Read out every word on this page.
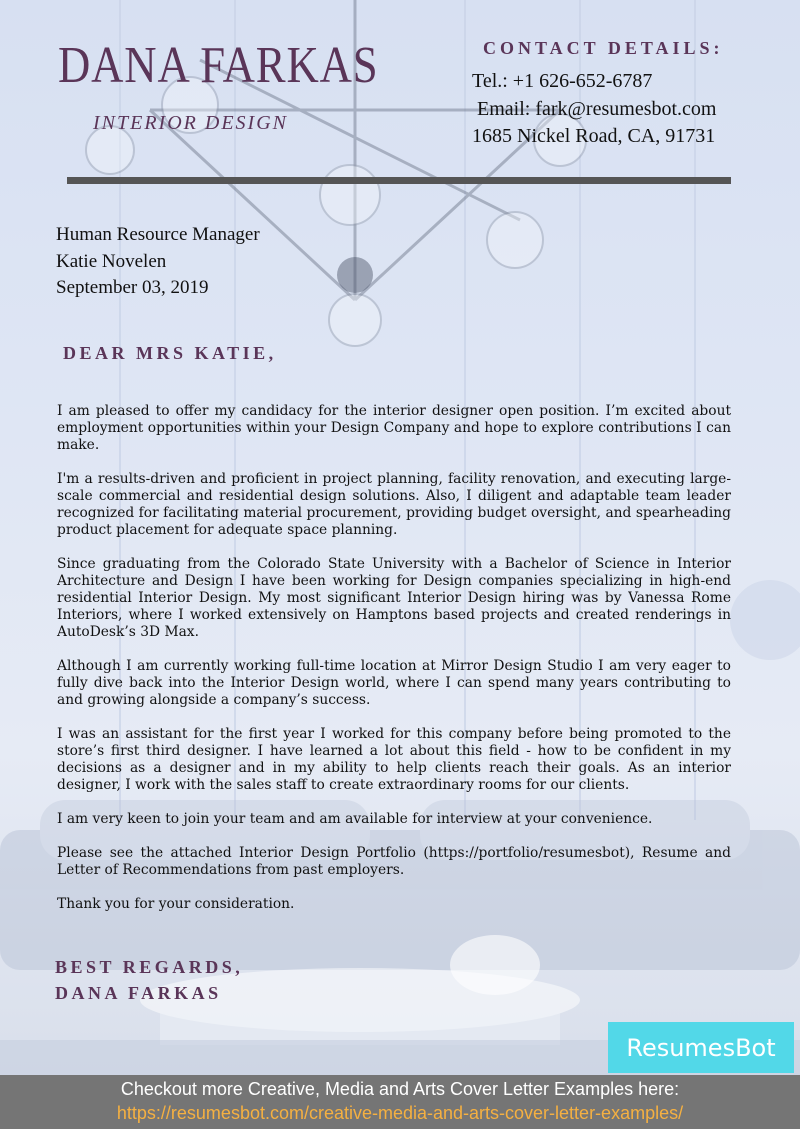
DANA FARKAS
INTERIOR DESIGN
CONTACT DETAILS:
Tel.: +1 626-652-6787
Email: fark@resumesbot.com
1685 Nickel Road, CA, 91731
Human Resource Manager
Katie Novelen
September 03, 2019
DEAR MRS KATIE,

I am pleased to offer my candidacy for the interior designer open position. I’m excited about employment opportunities within your Design Company and hope to explore contributions I can make.

I'm a results-driven and proficient in project planning, facility renovation, and executing large-scale commercial and residential design solutions. Also, I diligent and adaptable team leader recognized for facilitating material procurement, providing budget oversight, and spearheading product placement for adequate space planning.

Since graduating from the Colorado State University with a Bachelor of Science in Interior Architecture and Design I have been working for Design companies specializing in high-end residential Interior Design. My most significant Interior Design hiring was by Vanessa Rome Interiors, where I worked extensively on Hamptons based projects and created renderings in AutoDesk’s 3D Max.

Although I am currently working full-time location at Mirror Design Studio I am very eager to fully dive back into the Interior Design world, where I can spend many years contributing to and growing alongside a company’s success.

I was an assistant for the first year I worked for this company before being promoted to the store’s first third designer. I have learned a lot about this field - how to be confident in my decisions as a designer and in my ability to help clients reach their goals. As an interior designer, I work with the sales staff to create extraordinary rooms for our clients.

I am very keen to join your team and am available for interview at your convenience.

Please see the attached Interior Design Portfolio (https://portfolio/resumesbot), Resume and Letter of Recommendations from past employers.

Thank you for your consideration.

BEST REGARDS,
DANA FARKAS
ResumesBot
Checkout more Creative, Media and Arts Cover Letter Examples here:
https://resumesbot.com/creative-media-and-arts-cover-letter-examples/
